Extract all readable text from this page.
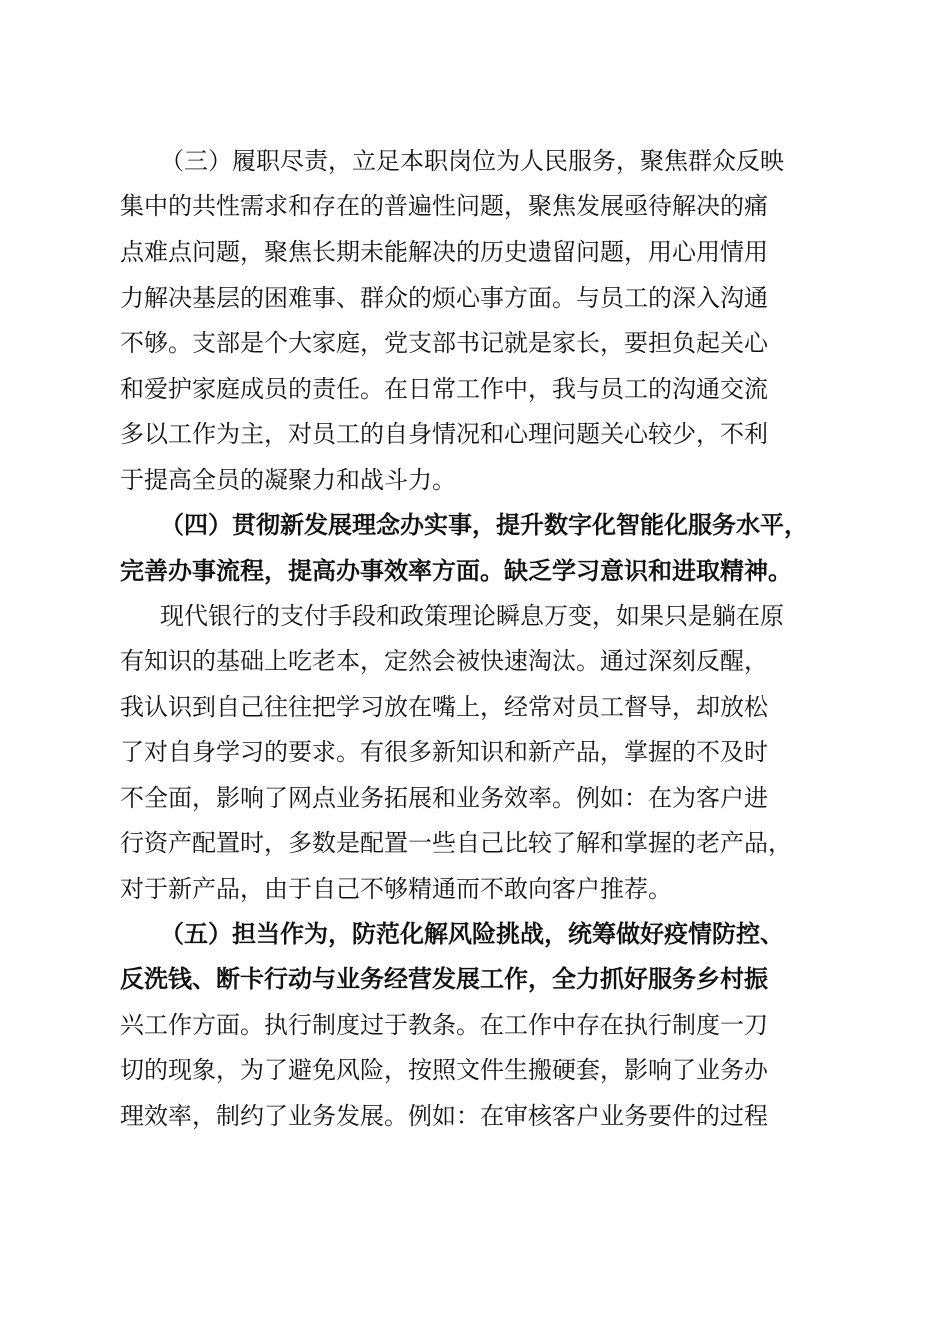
（三）履职尽责，立足本职岗位为人民服务，聚焦群众反映

集中的共性需求和存在的普遍性问题，聚焦发展亟待解决的痛

点难点问题，聚焦长期未能解决的历史遗留问题，用心用情用

力解决基层的困难事、群众的烦心事方面。与员工的深入沟通

不够。支部是个大家庭，党支部书记就是家长，要担负起关心

和爱护家庭成员的责任。在日常工作中，我与员工的沟通交流

多以工作为主，对员工的自身情况和心理问题关心较少，不利

于提高全员的凝聚力和战斗力。

（四）贯彻新发展理念办实事，提升数字化智能化服务水平，

完善办事流程，提高办事效率方面。缺乏学习意识和进取精神。

现代银行的支付手段和政策理论瞬息万变，如果只是躺在原

有知识的基础上吃老本，定然会被快速淘汰。通过深刻反醒，

我认识到自己往往把学习放在嘴上，经常对员工督导，却放松

了对自身学习的要求。有很多新知识和新产品，掌握的不及时

不全面，影响了网点业务拓展和业务效率。例如：在为客户进

行资产配置时，多数是配置一些自己比较了解和掌握的老产品，

对于新产品，由于自己不够精通而不敢向客户推荐。

（五）担当作为，防范化解风险挑战，统筹做好疫情防控、

反洗钱、断卡行动与业务经营发展工作，全力抓好服务乡村振

兴工作方面。执行制度过于教条。在工作中存在执行制度一刀

切的现象，为了避免风险，按照文件生搬硬套，影响了业务办

理效率，制约了业务发展。例如：在审核客户业务要件的过程
